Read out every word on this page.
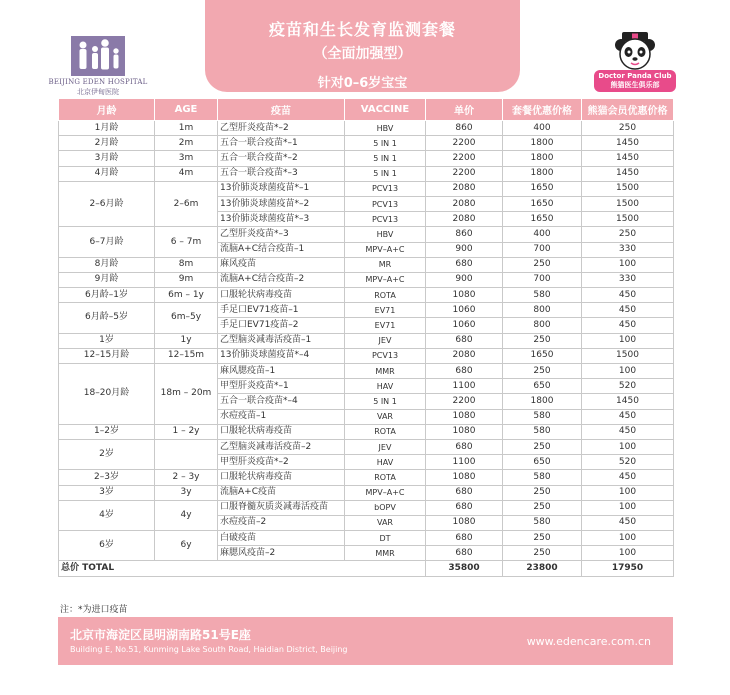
BEIJING EDEN HOSPITAL
北京伊甸医院
疫苗和生长发育监测套餐
（全面加强型）
针对0–6岁宝宝	Doctor Panda Club
熊猫医生俱乐部
月龄	AGE	疫苗	VACCINE	单价	套餐优惠价格	熊猫会员优惠价格
1月龄	1m	乙型肝炎疫苗*–2	HBV	860	400	250
2月龄	2m	五合一联合疫苗*–1	5 IN 1	2200	1800	1450
3月龄	3m	五合一联合疫苗*–2	5 IN 1	2200	1800	1450
4月龄	4m	五合一联合疫苗*–3	5 IN 1	2200	1800	1450
2–6月龄	2–6m	13价肺炎球菌疫苗*–1	PCV13	2080	1650	1500
		13价肺炎球菌疫苗*–2	PCV13	2080	1650	1500
		13价肺炎球菌疫苗*–3	PCV13	2080	1650	1500
6–7月龄	6 – 7m	乙型肝炎疫苗*–3	HBV	860	400	250
		流脑A+C结合疫苗–1	MPV–A+C	900	700	330
8月龄	8m	麻风疫苗	MR	680	250	100
9月龄	9m	流脑A+C结合疫苗–2	MPV–A+C	900	700	330
6月龄–1岁	6m – 1y	口服轮状病毒疫苗	ROTA	1080	580	450
6月龄–5岁	6m–5y	手足口EV71疫苗–1	EV71	1060	800	450
		手足口EV71疫苗–2	EV71	1060	800	450
1岁	1y	乙型脑炎减毒活疫苗–1	JEV	680	250	100
12–15月龄	12–15m	13价肺炎球菌疫苗*–4	PCV13	2080	1650	1500
18–20月龄	18m – 20m	麻风腮疫苗–1	MMR	680	250	100
		甲型肝炎疫苗*–1	HAV	1100	650	520
		五合一联合疫苗*–4	5 IN 1	2200	1800	1450
		水痘疫苗–1	VAR	1080	580	450
1–2岁	1 – 2y	口服轮状病毒疫苗	ROTA	1080	580	450
2岁		乙型脑炎减毒活疫苗–2	JEV	680	250	100
		甲型肝炎疫苗*–2	HAV	1100	650	520
2–3岁	2 – 3y	口服轮状病毒疫苗	ROTA	1080	580	450
3岁	3y	流脑A+C疫苗	MPV–A+C	680	250	100
4岁	4y	口服脊髓灰质炎减毒活疫苗	bOPV	680	250	100
		水痘疫苗–2	VAR	1080	580	450
6岁	6y	白破疫苗	DT	680	250	100
		麻腮风疫苗–2	MMR	680	250	100
总价 TOTAL				35800	23800	17950
注：*为进口疫苗
北京市海淀区昆明湖南路51号E座
Building E, No.51, Kunming Lake South Road, Haidian District, Beijing
www.edencare.com.cn
